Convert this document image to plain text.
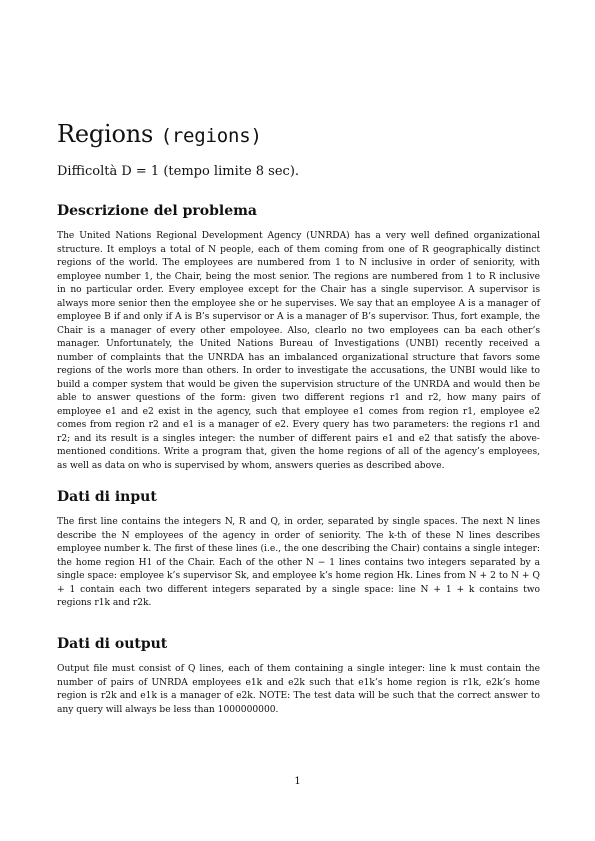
Regions (regions)
Difficoltà D = 1 (tempo limite 8 sec).
Descrizione del problema

The United Nations Regional Development Agency (UNRDA) has a very well defined organizational structure. It employs a total of N people, each of them coming from one of R geographically distinct regions of the world. The employees are numbered from 1 to N inclusive in order of seniority, with employee number 1, the Chair, being the most senior. The regions are numbered from 1 to R inclusive in no particular order. Every employee except for the Chair has a single supervisor. A supervisor is always more senior then the employee she or he supervises. We say that an employee A is a manager of employee B if and only if A is B’s supervisor or A is a manager of B’s supervisor. Thus, fort example, the Chair is a manager of every other empoloyee. Also, clearlo no two employees can ba each other’s manager. Unfortunately, the United Nations Bureau of Investigations (UNBI) recently received a number of complaints that the UNRDA has an imbalanced organizational structure that favors some regions of the worls more than others. In order to investigate the accusations, the UNBI would like to build a comper system that would be given the supervision structure of the UNRDA and would then be able to answer questions of the form: given two different regions r1 and r2, how many pairs of employee e1 and e2 exist in the agency, such that employee e1 comes from region r1, employee e2 comes from region r2 and e1 is a manager of e2. Every query has two parameters: the regions r1 and r2; and its result is a singles integer: the number of different pairs e1 and e2 that satisfy the above-mentioned conditions. Write a program that, given the home regions of all of the agency’s employees, as well as data on who is supervised by whom, answers queries as described above.

Dati di input

The first line contains the integers N, R and Q, in order, separated by single spaces. The next N lines describe the N employees of the agency in order of seniority. The k-th of these N lines describes employee number k. The first of these lines (i.e., the one describing the Chair) contains a single integer: the home region H1 of the Chair. Each of the other N − 1 lines contains two integers separated by a single space: employee k’s supervisor Sk, and employee k’s home region Hk. Lines from N + 2 to N + Q + 1 contain each two different integers separated by a single space: line N + 1 + k contains two regions r1k and r2k.

Dati di output

Output file must consist of Q lines, each of them containing a single integer: line k must contain the number of pairs of UNRDA employees e1k and e2k such that e1k’s home region is r1k, e2k’s home region is r2k and e1k is a manager of e2k. NOTE: The test data will be such that the correct answer to any query will always be less than 1000000000.

1
